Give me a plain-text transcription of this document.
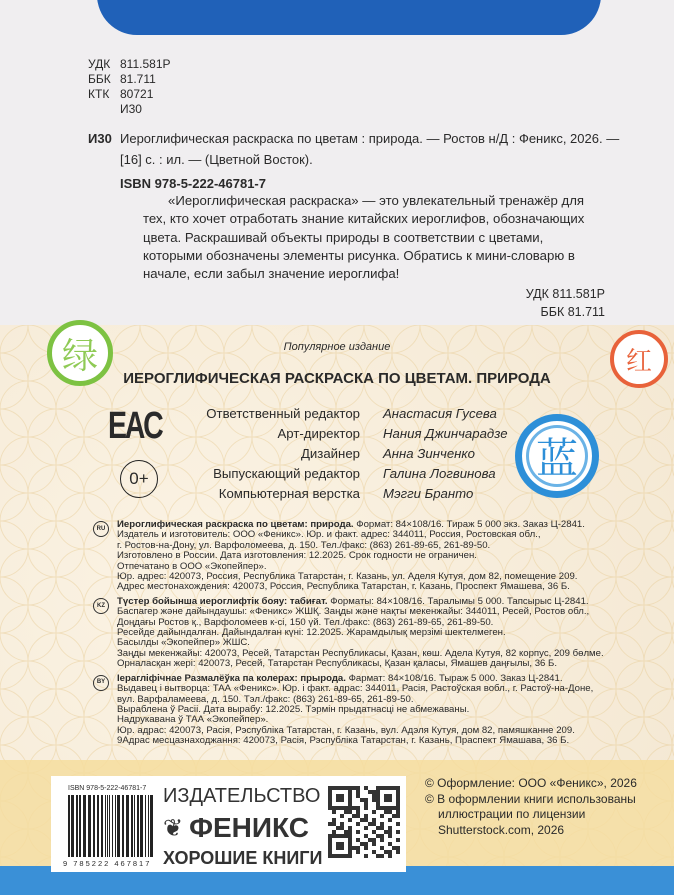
УДК 811.581Р
ББК 81.711
КТК 80721
И30
И30 Иероглифическая раскраска по цветам : природа. — Ростов н/Д : Феникс, 2026. —
[16] с. : ил. — (Цветной Восток).
ISBN 978-5-222-46781-7
«Иероглифическая раскраска» — это увлекательный тренажёр для тех, кто хочет отработать знание китайских иероглифов, обозначающих цвета. Раскрашивай объекты природы в соответствии с цветами, которыми обозначены элементы рисунка. Обратись к мини-словарю в начале, если забыл значение иероглифа!
УДК 811.581Р
ББК 81.711
绿	红
蓝
Популярное издание
ИЕРОГЛИФИЧЕСКАЯ РАСКРАСКА ПО ЦВЕТАМ. ПРИРОДА
EAC
0+
Ответственный редактор Анастасия Гусева
Арт-директор Нания Джинчарадзе
Дизайнер Анна Зинченко
Выпускающий редактор Галина Логвинова
Компьютерная верстка Мэгги Бранто
RU	Иероглифическая раскраска по цветам: природа. Формат: 84×108/16. Тираж 5 000 экз. Заказ Ц-2841.
Издатель и изготовитель: ООО «Феникс». Юр. и факт. адрес: 344011, Россия, Ростовская обл.,
г. Ростов-на-Дону, ул. Варфоломеева, д. 150. Тел./факс: (863) 261-89-65, 261-89-50.
Изготовлено в России. Дата изготовления: 12.2025. Срок годности не ограничен.
Отпечатано в ООО «Экопейпер».
Юр. адрес: 420073, Россия, Республика Татарстан, г. Казань, ул. Аделя Кутуя, дом 82, помещение 209.
Адрес местонахождения: 420073, Россия, Республика Татарстан, г. Казань, Проспект Ямашева, 36 Б.
KZ	Түстер бойынша иероглифтік бояу: табиғат. Форматы: 84×108/16. Таралымы 5 000. Тапсырыс Ц-2841.
Баспагер және дайындаушы: «Феникс» ЖШҚ. Заңды және нақты мекенжайы: 344011, Ресей, Ростов обл.,
Доңдағы Ростов қ., Варфоломеев к-сі, 150 үй. Тел./факс: (863) 261-89-65, 261-89-50.
Ресейде дайындалған. Дайындалған күні: 12.2025. Жарамдылық мерзімі шектелмеген.
Басылды «Экопейпер» ЖШС.
Заңды мекенжайы: 420073, Ресей, Татарстан Республикасы, Қазан, көш. Адела Кутуя, 82 корпус, 209 бөлме.
Орналасқан жері: 420073, Ресей, Татарстан Республикасы, Қазан қаласы, Ямашев даңғылы, 36 Б.
BY	Іерагліфічнае Размалёўка па колерах: прырода. Фармат: 84×108/16. Тыраж 5 000. Заказ Ц-2841.
Выдавец і вытворца: ТАА «Феникс». Юр. і факт. адрас: 344011, Расія, Растоўская вобл., г. Растоў-на-Доне,
вул. Варфаламеева, д. 150. Тэл./факс: (863) 261-89-65, 261-89-50.
Выраблена ў Расіі. Дата вырабу: 12.2025. Тэрмін прыдатнасці не абмежаваны.
Надрукавана ў ТАА «Экопейпер».
Юр. адрас: 420073, Расія, Рэспубліка Татарстан, г. Казань, вул. Адэля Кутуя, дом 82, памяшканне 209.
9Адрас месцазнаходжання: 420073, Расія, Рэспубліка Татарстан, г. Казань, Праспект Ямашава, 36 Б.
ISBN 978-5-222-46781-7
9 785222 467817
ИЗДАТЕЛЬСТВО
❦ ФЕНИКС
ХОРОШИЕ КНИГИ
© Оформление: ООО «Феникс», 2026
© В оформлении книги использованы
иллюстрации по лицензии
Shutterstock.com, 2026
